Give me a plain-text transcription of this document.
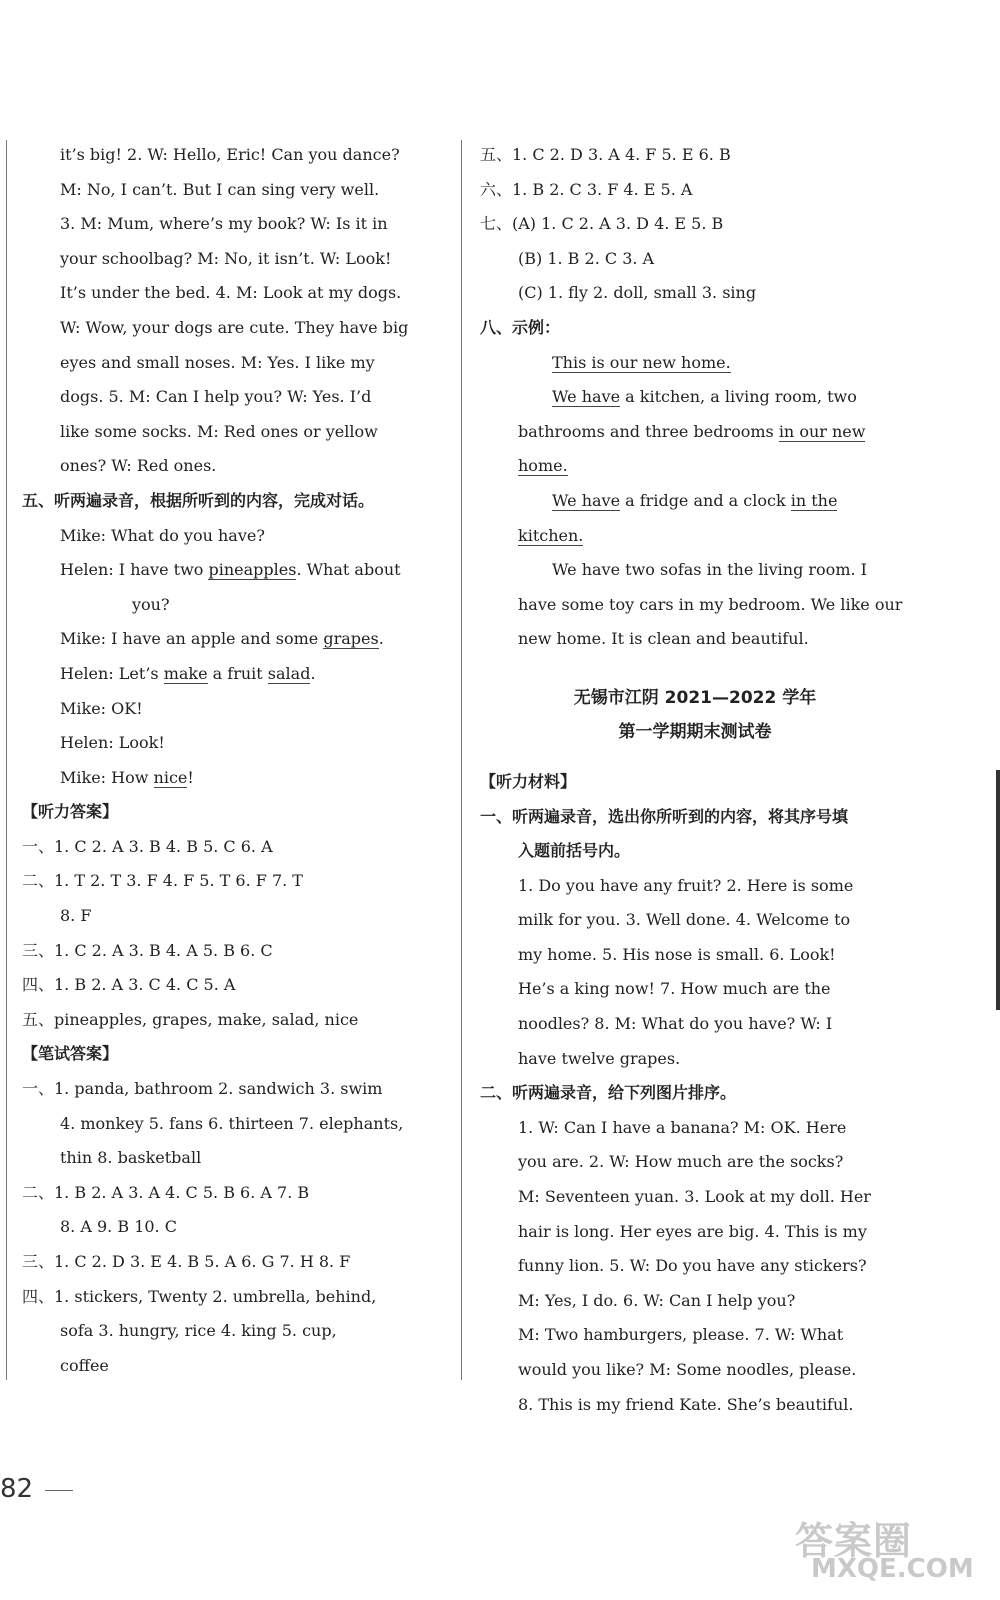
it’s big! 2. W: Hello, Eric! Can you dance?
M: No, I can’t. But I can sing very well.
3. M: Mum, where’s my book? W: Is it in
your schoolbag? M: No, it isn’t. W: Look!
It’s under the bed. 4. M: Look at my dogs.
W: Wow, your dogs are cute. They have big
eyes and small noses. M: Yes. I like my
dogs. 5. M: Can I help you? W: Yes. I’d
like some socks. M: Red ones or yellow
ones? W: Red ones.
五、听两遍录音，根据所听到的内容，完成对话。
Mike: What do you have?
Helen: I have two pineapples. What about
you?
Mike: I have an apple and some grapes.
Helen: Let’s make a fruit salad.
Mike: OK!
Helen: Look!
Mike: How nice!
【听力答案】
一、1. C 2. A 3. B 4. B 5. C 6. A
二、1. T 2. T 3. F 4. F 5. T 6. F 7. T
8. F
三、1. C 2. A 3. B 4. A 5. B 6. C
四、1. B 2. A 3. C 4. C 5. A
五、pineapples, grapes, make, salad, nice
【笔试答案】
一、1. panda, bathroom 2. sandwich 3. swim
4. monkey 5. fans 6. thirteen 7. elephants,
thin 8. basketball
二、1. B 2. A 3. A 4. C 5. B 6. A 7. B
8. A 9. B 10. C
三、1. C 2. D 3. E 4. B 5. A 6. G 7. H 8. F
四、1. stickers, Twenty 2. umbrella, behind,
sofa 3. hungry, rice 4. king 5. cup,
coffee
五、1. C 2. D 3. A 4. F 5. E 6. B
六、1. B 2. C 3. F 4. E 5. A
七、(A) 1. C 2. A 3. D 4. E 5. B
(B) 1. B 2. C 3. A
(C) 1. fly 2. doll, small 3. sing
八、示例：
This is our new home.
We have a kitchen, a living room, two
bathrooms and three bedrooms in our new
home.
We have a fridge and a clock in the
kitchen.
We have two sofas in the living room. I
have some toy cars in my bedroom. We like our
new home. It is clean and beautiful.
无锡市江阴 2021—2022 学年
第一学期期末测试卷
【听力材料】
一、听两遍录音，选出你所听到的内容，将其序号填
入题前括号内。
1. Do you have any fruit? 2. Here is some
milk for you. 3. Well done. 4. Welcome to
my home. 5. His nose is small. 6. Look!
He’s a king now! 7. How much are the
noodles? 8. M: What do you have? W: I
have twelve grapes.
二、听两遍录音，给下列图片排序。
1. W: Can I have a banana? M: OK. Here
you are. 2. W: How much are the socks?
M: Seventeen yuan. 3. Look at my doll. Her
hair is long. Her eyes are big. 4. This is my
funny lion. 5. W: Do you have any stickers?
M: Yes, I do. 6. W: Can I help you?
M: Two hamburgers, please. 7. W: What
would you like? M: Some noodles, please.
8. This is my friend Kate. She’s beautiful.
82
答案圈
MXQE.COM
